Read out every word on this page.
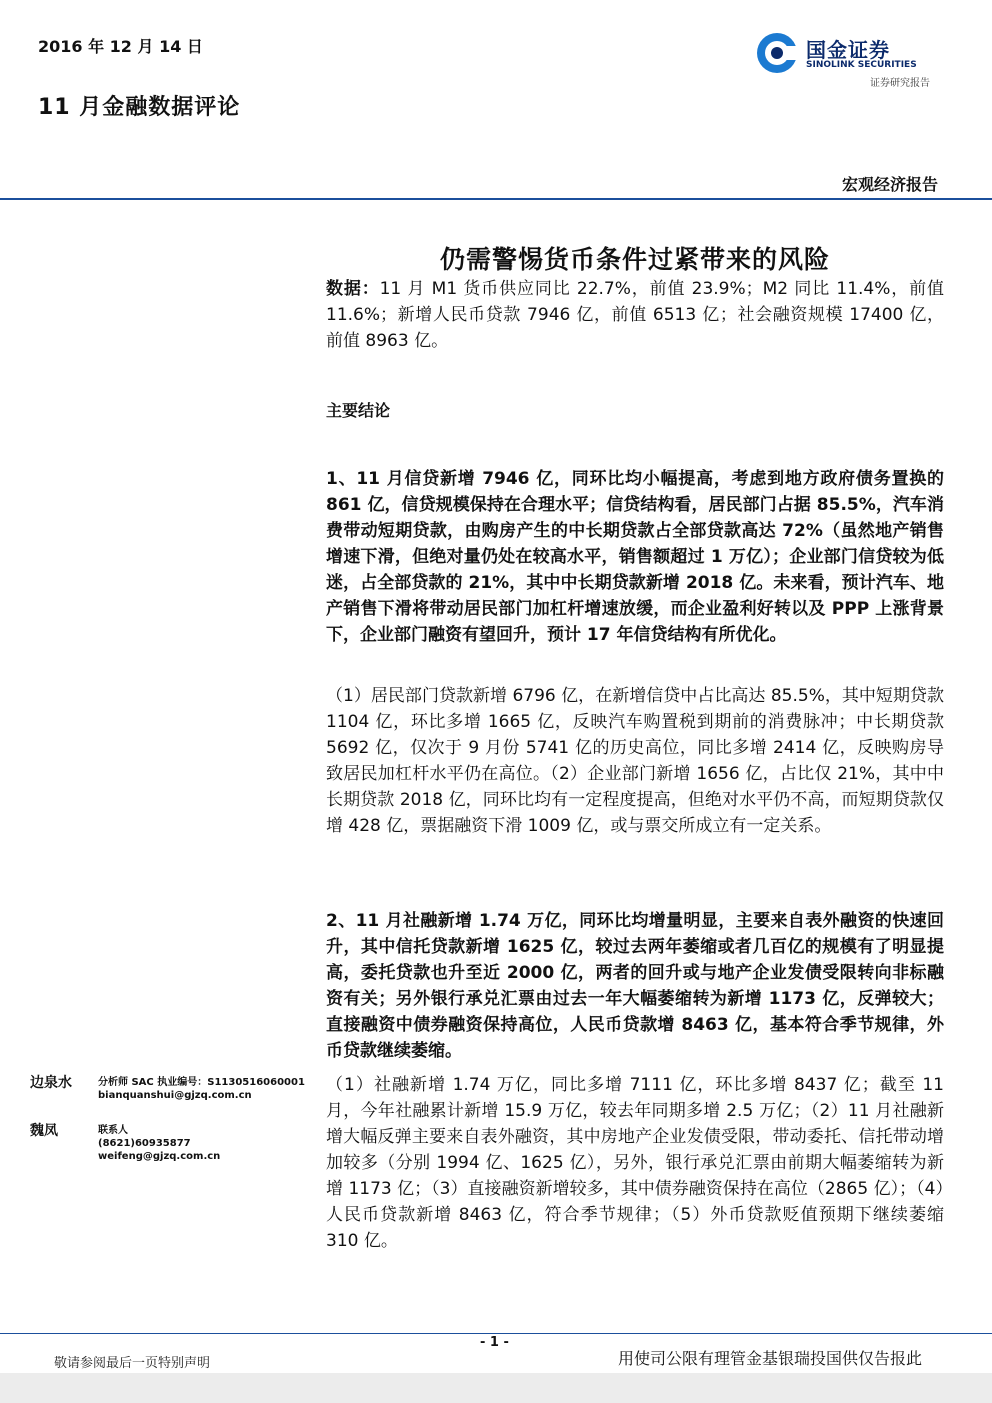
2016 年 12 月 14 日
11 月金融数据评论
国金证券
SINOLINK SECURITIES
证券研究报告
宏观经济报告
仍需警惕货币条件过紧带来的风险
数据：11 月 M1 货币供应同比 22.7%，前值 23.9%；M2 同比 11.4%，前值 11.6%；新增人民币贷款 7946 亿，前值 6513 亿；社会融资规模 17400 亿，前值 8963 亿。
主要结论
1、11 月信贷新增 7946 亿，同环比均小幅提高，考虑到地方政府债务置换的 861 亿，信贷规模保持在合理水平；信贷结构看，居民部门占据 85.5%，汽车消费带动短期贷款，由购房产生的中长期贷款占全部贷款高达 72%（虽然地产销售增速下滑，但绝对量仍处在较高水平，销售额超过 1 万亿）；企业部门信贷较为低迷，占全部贷款的 21%，其中中长期贷款新增 2018 亿。未来看，预计汽车、地产销售下滑将带动居民部门加杠杆增速放缓，而企业盈利好转以及 PPP 上涨背景下，企业部门融资有望回升，预计 17 年信贷结构有所优化。
（1）居民部门贷款新增 6796 亿，在新增信贷中占比高达 85.5%，其中短期贷款 1104 亿，环比多增 1665 亿，反映汽车购置税到期前的消费脉冲；中长期贷款 5692 亿，仅次于 9 月份 5741 亿的历史高位，同比多增 2414 亿，反映购房导致居民加杠杆水平仍在高位。（2）企业部门新增 1656 亿，占比仅 21%，其中中长期贷款 2018 亿，同环比均有一定程度提高，但绝对水平仍不高，而短期贷款仅增 428 亿，票据融资下滑 1009 亿，或与票交所成立有一定关系。
2、11 月社融新增 1.74 万亿，同环比均增量明显，主要来自表外融资的快速回升，其中信托贷款新增 1625 亿，较过去两年萎缩或者几百亿的规模有了明显提高，委托贷款也升至近 2000 亿，两者的回升或与地产企业发债受限转向非标融资有关；另外银行承兑汇票由过去一年大幅萎缩转为新增 1173 亿，反弹较大；直接融资中债券融资保持高位，人民币贷款增 8463 亿，基本符合季节规律，外币贷款继续萎缩。
（1）社融新增 1.74 万亿，同比多增 7111 亿，环比多增 8437 亿；截至 11 月，今年社融累计新增 15.9 万亿，较去年同期多增 2.5 万亿；（2）11 月社融新增大幅反弹主要来自表外融资，其中房地产企业发债受限，带动委托、信托带动增加较多（分别 1994 亿、1625 亿），另外，银行承兑汇票由前期大幅萎缩转为新增 1173 亿；（3）直接融资新增较多，其中债券融资保持在高位（2865 亿）；（4）人民币贷款新增 8463 亿，符合季节规律；（5）外币贷款贬值预期下继续萎缩 310 亿。
边泉水	分析师 SAC 执业编号：S1130516060001
bianquanshui@gjzq.com.cn
魏凤	联系人
(8621)60935877
weifeng@gjzq.com.cn
- 1 -
敬请参阅最后一页特别声明	用使司公限有理管金基银瑞投国供仅告报此
